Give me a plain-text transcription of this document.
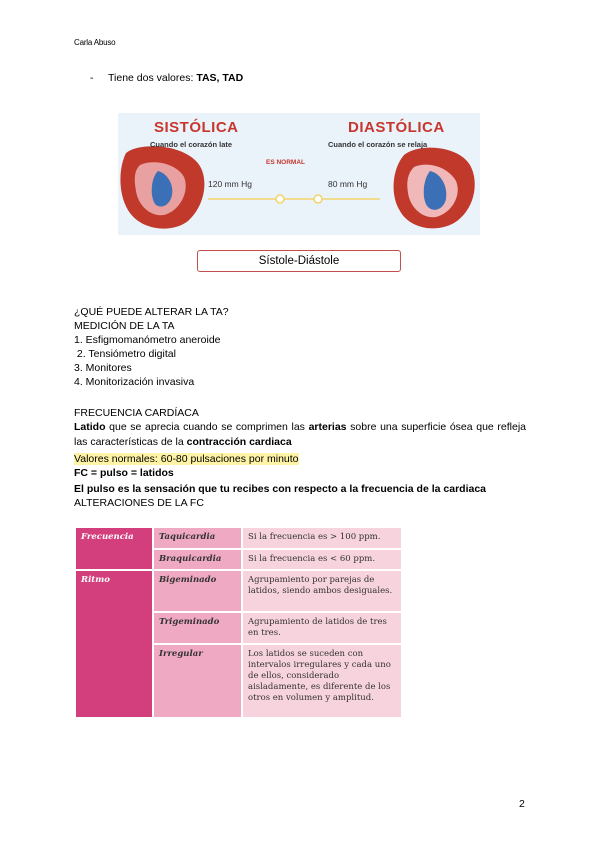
Carla Abuso
- Tiene dos valores: TAS, TAD
SISTÓLICA
Cuando el corazón late
DIASTÓLICA
Cuando el corazón se relaja
ES NORMAL
120 mm Hg	80 mm Hg
Sístole-Diástole
¿QUÉ PUEDE ALTERAR LA TA?
MEDICIÓN DE LA TA
1. Esfigmomanómetro aneroide
2. Tensiómetro digital
3. Monitores
4. Monitorización invasiva
FRECUENCIA CARDÍACA
Latido que se aprecia cuando se comprimen las arterias sobre una superficie ósea que refleja las características de la contracción cardiaca
Valores normales: 60-80 pulsaciones por minuto
FC = pulso = latidos
El pulso es la sensación que tu recibes con respecto a la frecuencia de la cardiaca
ALTERACIONES DE LA FC
Frecuencia	Taquicardia	Si la frecuencia es > 100 ppm.
	Braquicardia	Si la frecuencia es < 60 ppm.
Ritmo	Bigeminado	Agrupamiento por parejas de latidos, siendo ambos desiguales.
	Trigeminado	Agrupamiento de latidos de tres en tres.
	Irregular	Los latidos se suceden con intervalos irregulares y cada uno de ellos, considerado aisladamente, es diferente de los otros en volumen y amplitud.
2
